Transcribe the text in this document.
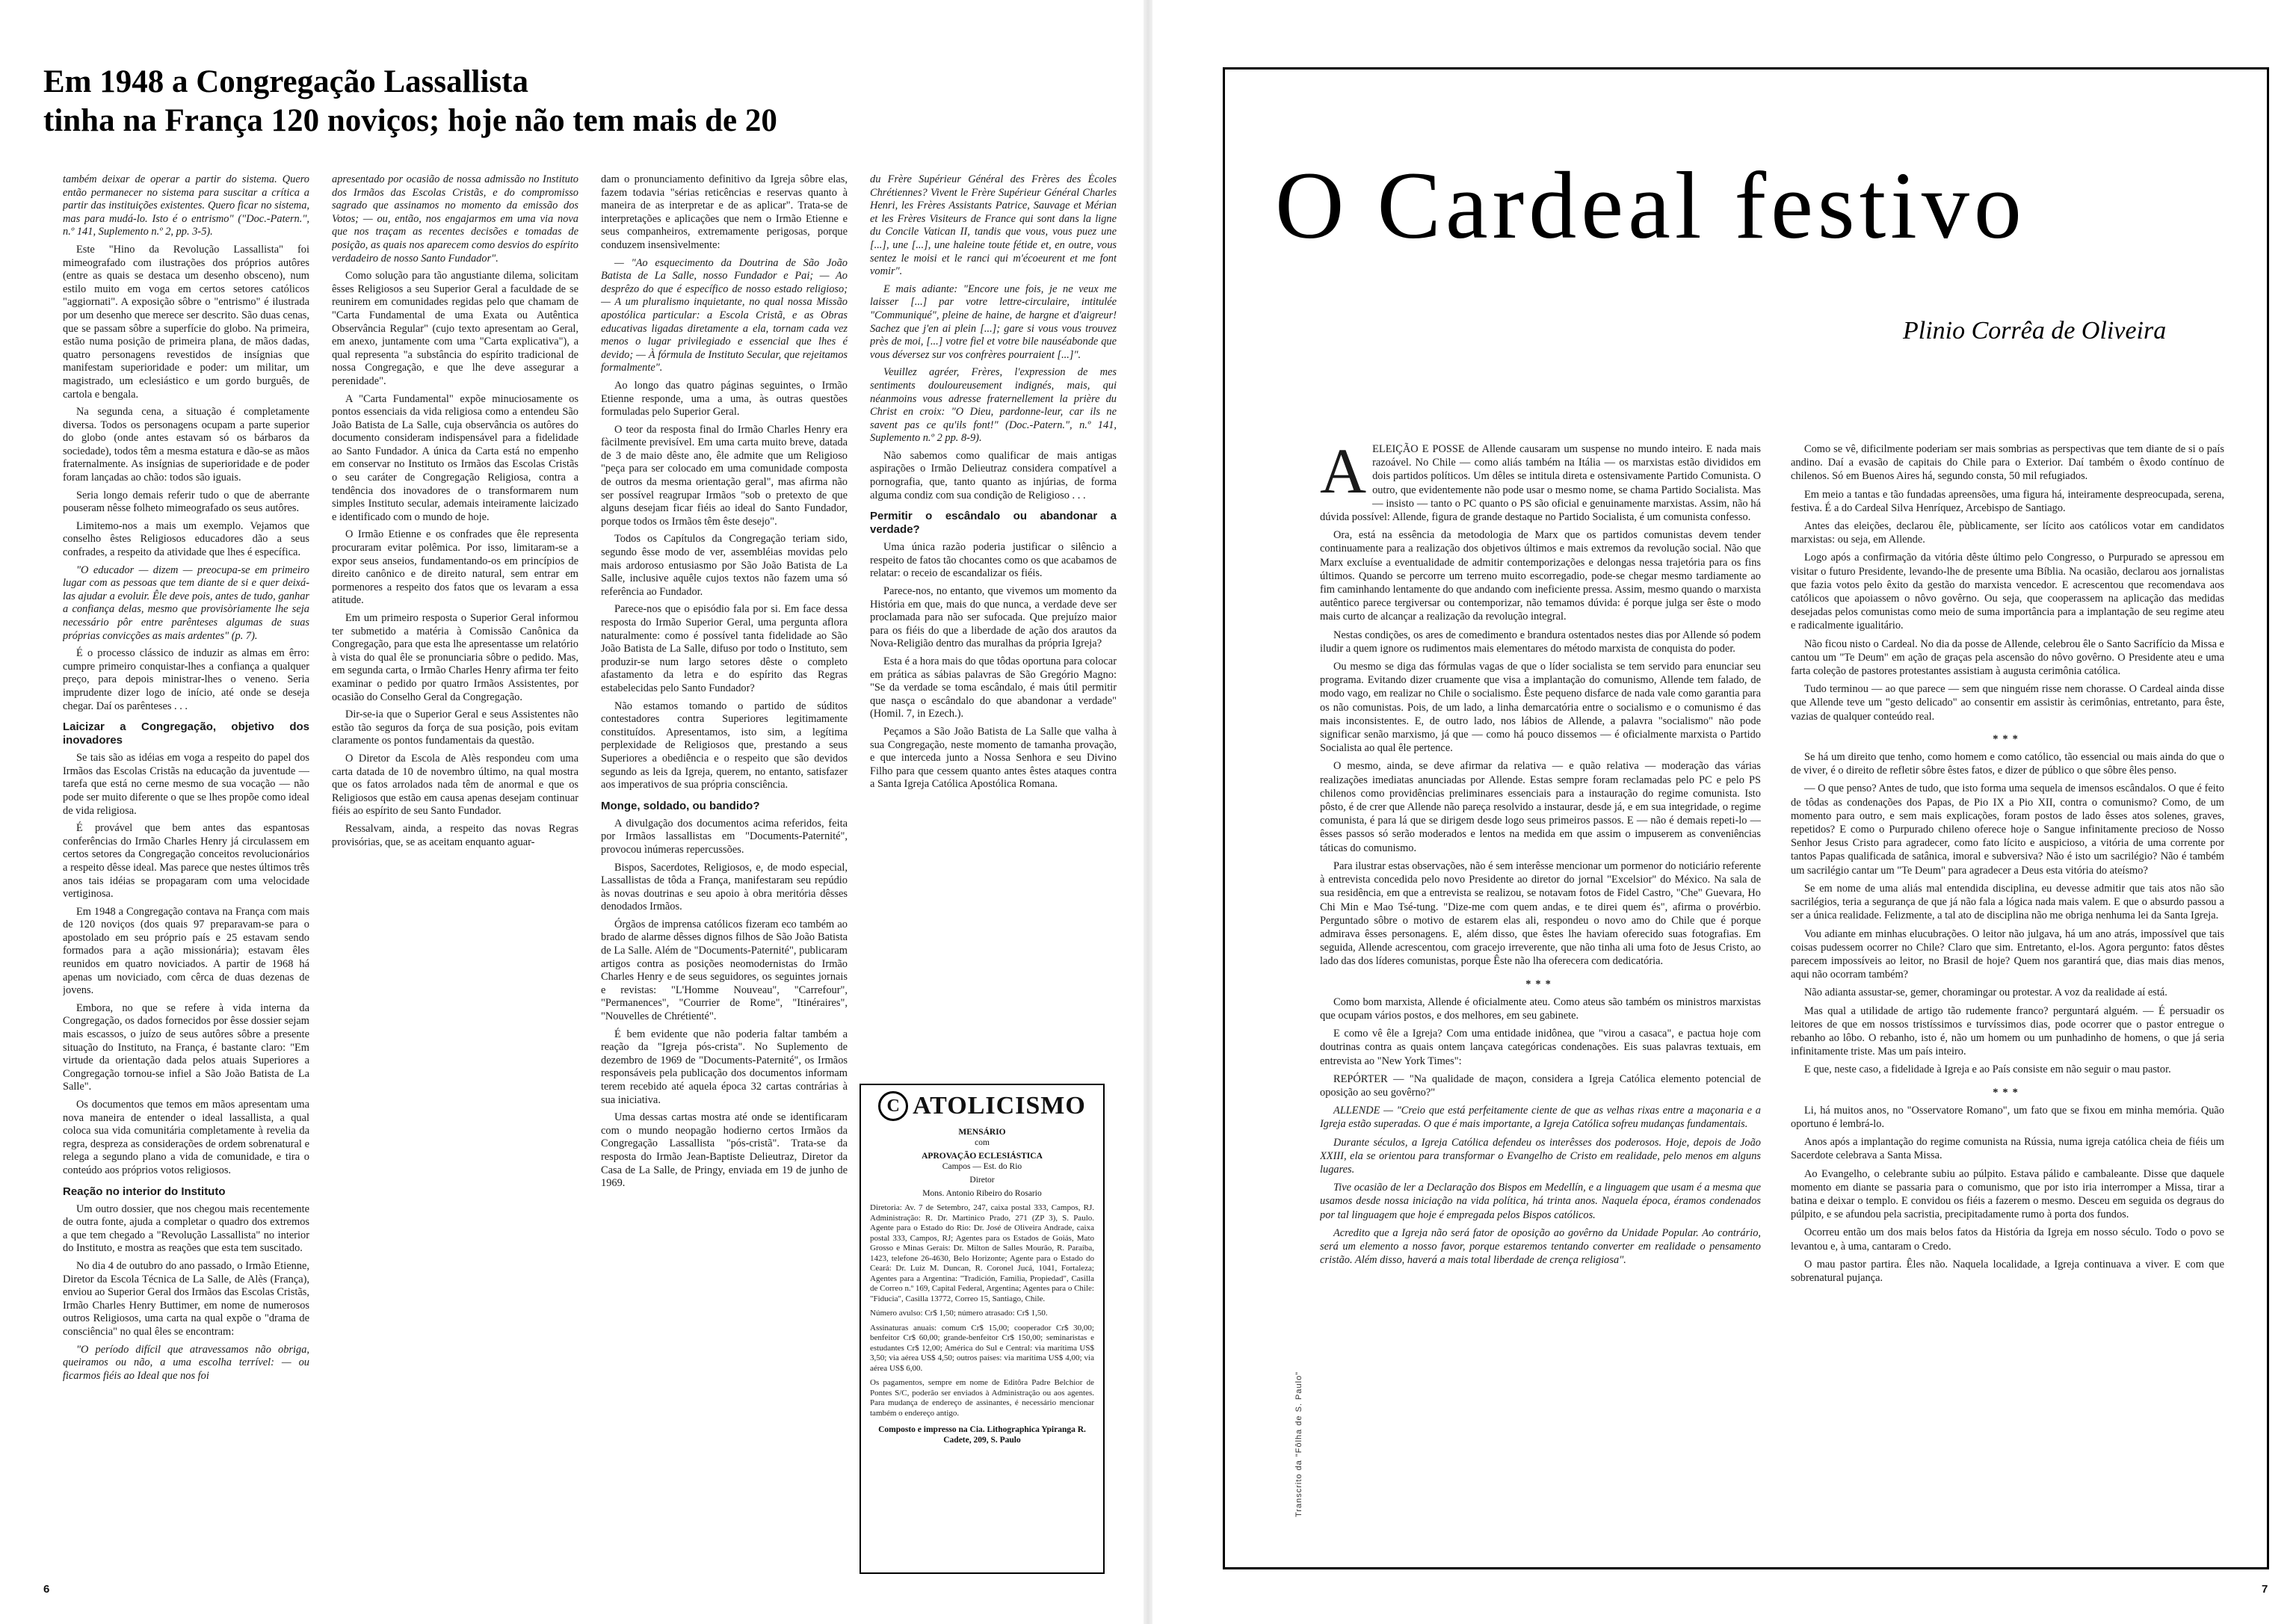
Em 1948 a Congregação Lassallista
tinha na França 120 noviços; hoje não tem mais de 20

também deixar de operar a partir do sistema. Quero então permanecer no sistema para suscitar a crítica a partir das instituições existentes. Quero ficar no sistema, mas para mudá-lo. Isto é o entrismo" ("Doc.-Patern.", n.º 141, Suplemento n.º 2, pp. 3-5).

Este "Hino da Revolução Lassallista" foi mimeografado com ilustrações dos próprios autôres (entre as quais se destaca um desenho obsceno), num estilo muito em voga em certos setores católicos "aggiornati". A exposição sôbre o "entrismo" é ilustrada por um desenho que merece ser descrito. São duas cenas, que se passam sôbre a superfície do globo. Na primeira, estão numa posição de primeira plana, de mãos dadas, quatro personagens revestidos de insígnias que manifestam superioridade e poder: um militar, um magistrado, um eclesiástico e um gordo burguês, de cartola e bengala.

Na segunda cena, a situação é completamente diversa. Todos os personagens ocupam a parte superior do globo (onde antes estavam só os bárbaros da sociedade), todos têm a mesma estatura e dão-se as mãos fraternalmente. As insígnias de superioridade e de poder foram lançadas ao chão: todos são iguais.

Seria longo demais referir tudo o que de aberrante pouseram nêsse folheto mimeografado os seus autôres.

Limitemo-nos a mais um exemplo. Vejamos que conselho êstes Religiosos educadores dão a seus confrades, a respeito da atividade que lhes é específica.

"O educador — dizem — preocupa-se em primeiro lugar com as pessoas que tem diante de si e quer deixá-las ajudar a evoluir. Êle deve pois, antes de tudo, ganhar a confiança delas, mesmo que provisòriamente lhe seja necessário pôr entre parênteses algumas de suas próprias convicções as mais ardentes" (p. 7).

É o processo clássico de induzir as almas em êrro: cumpre primeiro conquistar-lhes a confiança a qualquer preço, para depois ministrar-lhes o veneno. Seria imprudente dizer logo de início, até onde se deseja chegar. Daí os parênteses . . .

Laicizar a Congregação, objetivo dos inovadores

Se tais são as idéias em voga a respeito do papel dos Irmãos das Escolas Cristãs na educação da juventude — tarefa que está no cerne mesmo de sua vocação — não pode ser muito diferente o que se lhes propõe como ideal de vida religiosa.

É provável que bem antes das espantosas conferências do Irmão Charles Henry já circulassem em certos setores da Congregação conceitos revolucionários a respeito dêsse ideal. Mas parece que nestes últimos três anos tais idéias se propagaram com uma velocidade vertiginosa.

Em 1948 a Congregação contava na França com mais de 120 noviços (dos quais 97 preparavam-se para o apostolado em seu próprio país e 25 estavam sendo formados para a ação missionária); estavam êles reunidos em quatro noviciados. A partir de 1968 há apenas um noviciado, com cêrca de duas dezenas de jovens.

Embora, no que se refere à vida interna da Congregação, os dados fornecidos por êsse dossier sejam mais escassos, o juízo de seus autôres sôbre a presente situação do Instituto, na França, é bastante claro: "Em virtude da orientação dada pelos atuais Superiores a Congregação tornou-se infiel a São João Batista de La Salle".

Os documentos que temos em mãos apresentam uma nova maneira de entender o ideal lassallista, a qual coloca sua vida comunitária completamente à revelia da regra, despreza as considerações de ordem sobrenatural e relega a segundo plano a vida de comunidade, e tira o conteúdo aos próprios votos religiosos.

Reação no interior do Instituto

Um outro dossier, que nos chegou mais recentemente de outra fonte, ajuda a completar o quadro dos extremos a que tem chegado a "Revolução Lassallista" no interior do Instituto, e mostra as reações que esta tem suscitado.

No dia 4 de outubro do ano passado, o Irmão Etienne, Diretor da Escola Técnica de La Salle, de Alès (França), enviou ao Superior Geral dos Irmãos das Escolas Cristãs, Irmão Charles Henry Buttimer, em nome de numerosos outros Religiosos, uma carta na qual expõe o "drama de consciência" no qual êles se encontram:

"O período difícil que atravessamos não obriga, queiramos ou não, a uma escolha terrível: — ou ficarmos fiéis ao Ideal que nos foi

apresentado por ocasião de nossa admissão no Instituto dos Irmãos das Escolas Cristãs, e do compromisso sagrado que assinamos no momento da emissão dos Votos; — ou, então, nos engajarmos em uma via nova que nos traçam as recentes decisões e tomadas de posição, as quais nos aparecem como desvios do espírito verdadeiro de nosso Santo Fundador".

Como solução para tão angustiante dilema, solicitam êsses Religiosos a seu Superior Geral a faculdade de se reunirem em comunidades regidas pelo que chamam de "Carta Fundamental de uma Exata ou Autêntica Observância Regular" (cujo texto apresentam ao Geral, em anexo, juntamente com uma "Carta explicativa"), a qual representa "a substância do espírito tradicional de nossa Congregação, e que lhe deve assegurar a perenidade".

A "Carta Fundamental" expõe minuciosamente os pontos essenciais da vida religiosa como a entendeu São João Batista de La Salle, cuja observância os autôres do documento consideram indispensável para a fidelidade ao Santo Fundador. A única da Carta está no empenho em conservar no Instituto os Irmãos das Escolas Cristãs o seu caráter de Congregação Religiosa, contra a tendência dos inovadores de o transformarem num simples Instituto secular, ademais inteiramente laicizado e identificado com o mundo de hoje.

O Irmão Etienne e os confrades que êle representa procuraram evitar polêmica. Por isso, limitaram-se a expor seus anseios, fundamentando-os em princípios de direito canônico e de direito natural, sem entrar em pormenores a respeito dos fatos que os levaram a essa atitude.

Em um primeiro resposta o Superior Geral informou ter submetido a matéria à Comissão Canônica da Congregação, para que esta lhe apresentasse um relatório à vista do qual êle se pronunciaria sôbre o pedido. Mas, em segunda carta, o Irmão Charles Henry afirma ter feito examinar o pedido por quatro Irmãos Assistentes, por ocasião do Conselho Geral da Congregação.

Dir-se-ia que o Superior Geral e seus Assistentes não estão tão seguros da força de sua posição, pois evitam claramente os pontos fundamentais da questão.

O Diretor da Escola de Alès respondeu com uma carta datada de 10 de novembro último, na qual mostra que os fatos arrolados nada têm de anormal e que os Religiosos que estão em causa apenas desejam continuar fiéis ao espírito de seu Santo Fundador.

Ressalvam, ainda, a respeito das novas Regras provisórias, que, se as aceitam enquanto aguar-

dam o pronunciamento definitivo da Igreja sôbre elas, fazem todavia "sérias reticências e reservas quanto à maneira de as interpretar e de as aplicar". Trata-se de interpretações e aplicações que nem o Irmão Etienne e seus companheiros, extremamente perigosas, porque conduzem insensìvelmente:

— "Ao esquecimento da Doutrina de São João Batista de La Salle, nosso Fundador e Pai; — Ao desprêzo do que é específico de nosso estado religioso; — A um pluralismo inquietante, no qual nossa Missão apostólica particular: a Escola Cristã, e as Obras educativas ligadas diretamente a ela, tornam cada vez menos o lugar privilegiado e essencial que lhes é devido; — À fórmula de Instituto Secular, que rejeitamos formalmente".

Ao longo das quatro páginas seguintes, o Irmão Etienne responde, uma a uma, às outras questões formuladas pelo Superior Geral.

O teor da resposta final do Irmão Charles Henry era fàcilmente previsível. Em uma carta muito breve, datada de 3 de maio dêste ano, êle admite que um Religioso "peça para ser colocado em uma comunidade composta de outros da mesma orientação geral", mas afirma não ser possível reagrupar Irmãos "sob o pretexto de que alguns desejam ficar fiéis ao ideal do Santo Fundador, porque todos os Irmãos têm êste desejo".

Todos os Capítulos da Congregação teriam sido, segundo êsse modo de ver, assembléias movidas pelo mais ardoroso entusiasmo por São João Batista de La Salle, inclusive aquêle cujos textos não fazem uma só referência ao Fundador.

Parece-nos que o episódio fala por si. Em face dessa resposta do Irmão Superior Geral, uma pergunta aflora naturalmente: como é possível tanta fidelidade ao São João Batista de La Salle, difuso por todo o Instituto, sem produzir-se num largo setores dêste o completo afastamento da letra e do espírito das Regras estabelecidas pelo Santo Fundador?

Não estamos tomando o partido de súditos contestadores contra Superiores legitimamente constituídos. Apresentamos, isto sim, a legítima perplexidade de Religiosos que, prestando a seus Superiores a obediência e o respeito que são devidos segundo as leis da Igreja, querem, no entanto, satisfazer aos imperativos de sua própria consciência.

Monge, soldado, ou bandido?

A divulgação dos documentos acima referidos, feita por Irmãos lassallistas em "Documents-Paternité", provocou ìnúmeras repercussões.

Bispos, Sacerdotes, Religiosos, e, de modo especial, Lassallistas de tôda a França, manifestaram seu repúdio às novas doutrinas e seu apoio à obra meritória dêsses denodados Irmãos.

Órgãos de imprensa católicos fizeram eco também ao brado de alarme dêsses dignos filhos de São João Batista de La Salle. Além de "Documents-Paternité", publicaram artigos contra as posições neomodernistas do Irmão Charles Henry e de seus seguidores, os seguintes jornais e revistas: "L'Homme Nouveau", "Carrefour", "Permanences", "Courrier de Rome", "Itinéraires", "Nouvelles de Chrétienté".

É bem evidente que não poderia faltar também a reação da "Igreja pós-crista". No Suplemento de dezembro de 1969 de "Documents-Paternité", os Irmãos responsáveis pela publicação dos documentos informam terem recebido até aquela época 32 cartas contrárias à sua iniciativa.

Uma dessas cartas mostra até onde se identificaram com o mundo neopagão hodierno certos Irmãos da Congregação Lassallista "pós-cristã". Trata-se da resposta do Irmão Jean-Baptiste Delieutraz, Diretor da Casa de La Salle, de Pringy, enviada em 19 de junho de 1969.

du Frère Supérieur Général des Frères des Écoles Chrétiennes? Vivent le Frère Supérieur Général Charles Henri, les Frères Assistants Patrice, Sauvage et Mérian et les Frères Visiteurs de France qui sont dans la ligne du Concile Vatican II, tandis que vous, vous puez une [...], une [...], une haleine toute fétide et, en outre, vous sentez le moisi et le ranci qui m'écoeurent et me font vomir".

E mais adiante: "Encore une fois, je ne veux me laisser [...] par votre lettre-circulaire, intitulée "Communiqué", pleine de haine, de hargne et d'aigreur! Sachez que j'en ai plein [...]; gare si vous vous trouvez près de moi, [...] votre fiel et votre bile nauséabonde que vous déversez sur vos confrères pourraient [...]".

Veuillez agréer, Frères, l'expression de mes sentiments douloureusement indignés, mais, qui néanmoins vous adresse fraternellement la prière du Christ en croix: "O Dieu, pardonne-leur, car ils ne savent pas ce qu'ils font!" (Doc.-Patern.", n.º 141, Suplemento n.º 2 pp. 8-9).

Não sabemos como qualificar de mais antigas aspirações o Irmão Delieutraz considera compatível a pornografia, que, tanto quanto as injúrias, de forma alguma condiz com sua condição de Religioso . . .

Permitir o escândalo ou abandonar a verdade?

Uma única razão poderia justificar o silêncio a respeito de fatos tão chocantes como os que acabamos de relatar: o receio de escandalizar os fiéis.

Parece-nos, no entanto, que vivemos um momento da História em que, mais do que nunca, a verdade deve ser proclamada para não ser sufocada. Que prejuízo maior para os fiéis do que a liberdade de ação dos arautos da Nova-Religião dentro das muralhas da própria Igreja?

Esta é a hora mais do que tôdas oportuna para colocar em prática as sábias palavras de São Gregório Magno: "Se da verdade se toma escândalo, é mais útil permitir que nasça o escândalo do que abandonar a verdade" (Homil. 7, in Ezech.).

Peçamos a São João Batista de La Salle que valha à sua Congregação, neste momento de tamanha provação, e que interceda junto a Nossa Senhora e seu Divino Filho para que cessem quanto antes êstes ataques contra a Santa Igreja Católica Apostólica Romana.

C ATOLICISMO
MENSÁRIO
com
APROVAÇÃO ECLESIÁSTICA
Campos — Est. do Rio
Diretor
Mons. Antonio Ribeiro do Rosario
Diretoria: Av. 7 de Setembro, 247, caixa postal 333, Campos, RJ. Administração: R. Dr. Martinico Prado, 271 (ZP 3), S. Paulo. Agente para o Estado do Rio: Dr. José de Oliveira Andrade, caixa postal 333, Campos, RJ; Agentes para os Estados de Goiás, Mato Grosso e Minas Gerais: Dr. Milton de Salles Mourão, R. Paraíba, 1423, telefone 26-4630, Belo Horizonte; Agente para o Estado do Ceará: Dr. Luiz M. Duncan, R. Coronel Jucá, 1041, Fortaleza; Agentes para a Argentina: "Tradición, Familia, Propiedad", Casilla de Correo n.º 169, Capital Federal, Argentina; Agentes para o Chile: "Fiducia", Casilla 13772, Correo 15, Santiago, Chile.
Número avulso: Cr$ 1,50; número atrasado: Cr$ 1,50.
Assinaturas anuais: comum Cr$ 15,00; cooperador Cr$ 30,00; benfeitor Cr$ 60,00; grande-benfeitor Cr$ 150,00; seminaristas e estudantes Cr$ 12,00; América do Sul e Central: via marítima US$ 3,50; via aérea US$ 4,50; outros países: via marítima US$ 4,00; via aérea US$ 6,00.
Os pagamentos, sempre em nome de Editôra Padre Belchior de Pontes S/C, poderão ser enviados à Administração ou aos agentes. Para mudança de endereço de assinantes, é necessário mencionar também o endereço antigo.
Composto e impresso na Cia. Lithographica Ypiranga R. Cadete, 209, S. Paulo
6
O Cardeal festivo
Plinio Corrêa de Oliveira
A ELEIÇÃO E POSSE de Allende causaram um suspense no mundo inteiro. E nada mais razoável. No Chile — como aliás também na Itália — os marxistas estão divididos em dois partidos políticos. Um dêles se intitula direta e ostensivamente Partido Comunista. O outro, que evidentemente não pode usar o mesmo nome, se chama Partido Socialista. Mas — insisto — tanto o PC quanto o PS são oficial e genuinamente marxistas. Assim, não há dúvida possível: Allende, figura de grande destaque no Partido Socialista, é um comunista confesso.

Ora, está na essência da metodologia de Marx que os partidos comunistas devem tender continuamente para a realização dos objetivos últimos e mais extremos da revolução social. Não que Marx excluíse a eventualidade de admitir contemporizações e delongas nessa trajetória para os fins últimos. Quando se percorre um terreno muito escorregadio, pode-se chegar mesmo tardiamente ao fim caminhando lentamente do que andando com ineficiente pressa. Assim, mesmo quando o marxista autêntico parece tergiversar ou contemporizar, não temamos dúvida: é porque julga ser êste o modo mais curto de alcançar a realização da revolução integral.

Nestas condições, os ares de comedimento e brandura ostentados nestes dias por Allende só podem iludir a quem ignore os rudimentos mais elementares do método marxista de conquista do poder.

Ou mesmo se diga das fórmulas vagas de que o líder socialista se tem servido para enunciar seu programa. Evitando dizer cruamente que visa a implantação do comunismo, Allende tem falado, de modo vago, em realizar no Chile o socialismo. Êste pequeno disfarce de nada vale como garantia para os não comunistas. Pois, de um lado, a linha demarcatória entre o socialismo e o comunismo é das mais inconsistentes. E, de outro lado, nos lábios de Allende, a palavra "socialismo" não pode significar senão marxismo, já que — como há pouco dissemos — é oficialmente marxista o Partido Socialista ao qual êle pertence.

O mesmo, ainda, se deve afirmar da relativa — e quão relativa — moderação das várias realizações imediatas anunciadas por Allende. Estas sempre foram reclamadas pelo PC e pelo PS chilenos como providências preliminares essenciais para a instauração do regime comunista. Isto pôsto, é de crer que Allende não pareça resolvido a instaurar, desde já, e em sua integridade, o regime comunista, é para lá que se dirigem desde logo seus primeiros passos. E — não é demais repeti-lo — êsses passos só serão moderados e lentos na medida em que assim o impuserem as conveniências táticas do comunismo.

Para ilustrar estas observações, não é sem interêsse mencionar um pormenor do noticiário referente à entrevista concedida pelo novo Presidente ao diretor do jornal "Excelsior" do México. Na sala de sua residência, em que a entrevista se realizou, se notavam fotos de Fidel Castro, "Che" Guevara, Ho Chi Min e Mao Tsé-tung. "Dize-me com quem andas, e te direi quem és", afirma o provérbio. Perguntado sôbre o motivo de estarem elas ali, respondeu o novo amo do Chile que é porque admirava êsses personagens. E, além disso, que êstes lhe haviam oferecido suas fotografias. Em seguida, Allende acrescentou, com gracejo irreverente, que não tinha ali uma foto de Jesus Cristo, ao lado das dos líderes comunistas, porque Êste não lha oferecera com dedicatória.

***

Como bom marxista, Allende é oficialmente ateu. Como ateus são também os ministros marxistas que ocupam vários postos, e dos melhores, em seu gabinete.

E como vê êle a Igreja? Com uma entidade inidônea, que "virou a casaca", e pactua hoje com doutrinas contra as quais ontem lançava categóricas condenações. Eis suas palavras textuais, em entrevista ao "New York Times":

REPÓRTER — "Na qualidade de maçon, considera a Igreja Católica elemento potencial de oposição ao seu govêrno?"

ALLENDE — "Creio que está perfeitamente ciente de que as velhas rixas entre a maçonaria e a Igreja estão superadas. O que é mais importante, a Igreja Católica sofreu mudanças fundamentais.

Durante séculos, a Igreja Católica defendeu os interêsses dos poderosos. Hoje, depois de João XXIII, ela se orientou para transformar o Evangelho de Cristo em realidade, pelo menos em alguns lugares.

Tive ocasião de ler a Declaração dos Bispos em Medellín, e a linguagem que usam é a mesma que usamos desde nossa iniciação na vida política, há trinta anos. Naquela época, éramos condenados por tal linguagem que hoje é empregada pelos Bispos católicos.

Acredito que a Igreja não será fator de oposição ao govêrno da Unidade Popular. Ao contrário, será um elemento a nosso favor, porque estaremos tentando converter em realidade o pensamento cristão. Além disso, haverá a mais total liberdade de crença religiosa".

Como se vê, dificilmente poderiam ser mais sombrias as perspectivas que tem diante de si o país andino. Daí a evasão de capitais do Chile para o Exterior. Daí também o êxodo contínuo de chilenos. Só em Buenos Aires há, segundo consta, 50 mil refugiados.

Em meio a tantas e tão fundadas apreensões, uma figura há, inteiramente despreocupada, serena, festiva. É a do Cardeal Silva Henríquez, Arcebispo de Santiago.

Antes das eleições, declarou êle, pùblicamente, ser lícito aos católicos votar em candidatos marxistas: ou seja, em Allende.

Logo após a confirmação da vitória dêste último pelo Congresso, o Purpurado se apressou em visitar o futuro Presidente, levando-lhe de presente uma Bíblia. Na ocasião, declarou aos jornalistas que fazia votos pelo êxito da gestão do marxista vencedor. E acrescentou que recomendava aos católicos que apoiassem o nôvo govêrno. Ou seja, que cooperassem na aplicação das medidas desejadas pelos comunistas como meio de suma importância para a implantação de seu regime ateu e radicalmente igualitário.

Não ficou nisto o Cardeal. No dia da posse de Allende, celebrou êle o Santo Sacrifício da Missa e cantou um "Te Deum" em ação de graças pela ascensão do nôvo govêrno. O Presidente ateu e uma farta coleção de pastores protestantes assistiam à augusta cerimônia católica.

Tudo terminou — ao que parece — sem que ninguém risse nem chorasse. O Cardeal ainda disse que Allende teve um "gesto delicado" ao consentir em assistir às cerimônias, entretanto, para êste, vazias de qualquer conteúdo real.

***

Se há um direito que tenho, como homem e como católico, tão essencial ou mais ainda do que o de viver, é o direito de refletir sôbre êstes fatos, e dizer de público o que sôbre êles penso.

— O que penso? Antes de tudo, que isto forma uma sequela de imensos escândalos. O que é feito de tôdas as condenações dos Papas, de Pio IX a Pio XII, contra o comunismo? Como, de um momento para outro, e sem mais explicações, foram postos de lado êsses atos solenes, graves, repetidos? E como o Purpurado chileno oferece hoje o Sangue infinitamente precioso de Nosso Senhor Jesus Cristo para agradecer, como fato lícito e auspicioso, a vitória de uma corrente por tantos Papas qualificada de satânica, imoral e subversiva? Não é isto um sacrilégio? Não é também um sacrilégio cantar um "Te Deum" para agradecer a Deus esta vitória do ateísmo?

Se em nome de uma aliás mal entendida disciplina, eu devesse admitir que tais atos não são sacrilégios, teria a segurança de que já não fala a lógica nada mais valem. E que o absurdo passou a ser a única realidade. Felizmente, a tal ato de disciplina não me obriga nenhuma lei da Santa Igreja.

Vou adiante em minhas elucubrações. O leitor não julgava, há um ano atrás, impossível que tais coisas pudessem ocorrer no Chile? Claro que sim. Entretanto, el-los. Agora pergunto: fatos dêstes parecem impossíveis ao leitor, no Brasil de hoje? Quem nos garantirá que, dias mais dias menos, aqui não ocorram também?

Não adianta assustar-se, gemer, choramingar ou protestar. A voz da realidade aí está.

Mas qual a utilidade de artigo tão rudemente franco? perguntará alguém. — É persuadir os leitores de que em nossos tristíssimos e turvíssimos dias, pode ocorrer que o pastor entregue o rebanho ao lôbo. O rebanho, isto é, não um homem ou um punhadinho de homens, o que já seria infinitamente triste. Mas um país inteiro.

E que, neste caso, a fidelidade à Igreja e ao País consiste em não seguir o mau pastor.

***

Li, há muitos anos, no "Osservatore Romano", um fato que se fixou em minha memória. Quão oportuno é lembrá-lo.

Anos após a implantação do regime comunista na Rússia, numa igreja católica cheia de fiéis um Sacerdote celebrava a Santa Missa.

Ao Evangelho, o celebrante subiu ao púlpito. Estava pálido e cambaleante. Disse que daquele momento em diante se passaria para o comunismo, que por isto iria interromper a Missa, tirar a batina e deixar o templo. E convidou os fiéis a fazerem o mesmo. Desceu em seguida os degraus do púlpito, e se afundou pela sacristia, precipitadamente rumo à porta dos fundos.

Ocorreu então um dos mais belos fatos da História da Igreja em nosso século. Todo o povo se levantou e, à uma, cantaram o Credo.

O mau pastor partira. Êles não. Naquela localidade, a Igreja continuava a viver. E com que sobrenatural pujança.

Transcrito da "Fôlha de S. Paulo"
7
